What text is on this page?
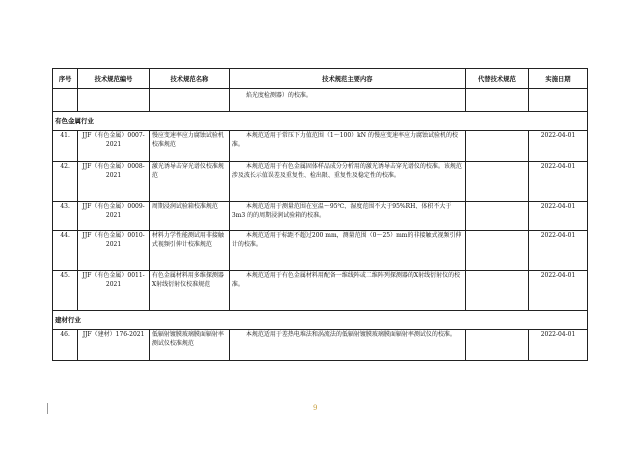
序号	技术规范编号	技术规范名称	技术规范主要内容	代替技术规范	实施日期
			焰光度检测器）的校准。		
有色金属行业					
41.	JJF（有色金属）0007-2021	慢应变速率应力腐蚀试验机校准规范	本规范适用于常压下力值范围（1～100）kN 的慢应变速率应力腐蚀试验机的校准。		2022-04-01
42.	JJF（有色金属）0008-2021	激光诱导击穿光谱仪校准规范	本规范适用于有色金属固体样品成分分析用的激光诱导击穿光谱仪的校准。该规范涉及波长示值误差及重复性、检出限、重复性及稳定性的校准。		2022-04-01
43.	JJF（有色金属）0009-2021	周期浸润试验箱校准规范	本规范适用于测量范围在室温～95℃、湿度范围不大于95%RH、体积不大于 3m3 的的周期浸润试验箱的校准。		2022-04-01
44.	JJF（有色金属）0010-2021	材料力学性能测试用非接触式视频引伸计校准规范	本规范适用于标距不超过200 mm，测量范围（0～25）mm的非接触式视频引伸计的校准。		2022-04-01
45.	JJF（有色金属）0011-2021	有色金属材料用多维探测器X射线衍射仪校准规范	本规范适用于有色金属材料用配备一维线阵或二维阵列探测器的X射线衍射仪的校准。		2022-04-01
建材行业					
46.	JJF（建材）176-2021	低辐射镀膜玻璃膜面辐射率测试仪校准规范	本规范适用于差热电堆法和涡流法的低辐射镀膜玻璃膜面辐射率测试仪的校准。		2022-04-01
9
